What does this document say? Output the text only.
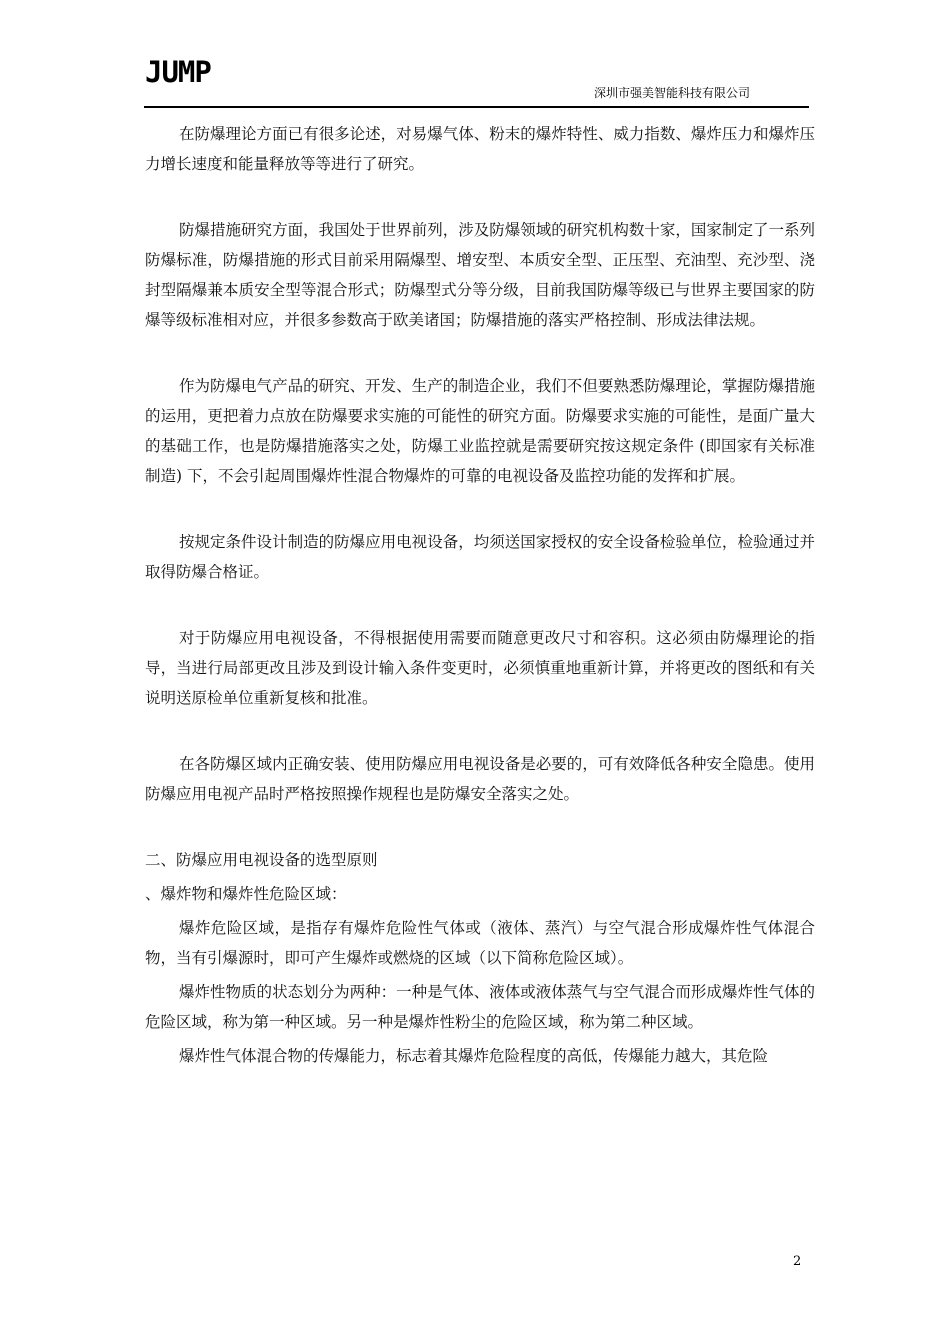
JUMP
深圳市强美智能科技有限公司

在防爆理论方面已有很多论述，对易爆气体、粉末的爆炸特性、威力指数、爆炸压力和爆炸压力增长速度和能量释放等等进行了研究。

防爆措施研究方面，我国处于世界前列，涉及防爆领域的研究机构数十家，国家制定了一系列防爆标准，防爆措施的形式目前采用隔爆型、增安型、本质安全型、正压型、充油型、充沙型、浇封型隔爆兼本质安全型等混合形式；防爆型式分等分级，目前我国防爆等级已与世界主要国家的防爆等级标准相对应，并很多参数高于欧美诸国；防爆措施的落实严格控制、形成法律法规。

作为防爆电气产品的研究、开发、生产的制造企业，我们不但要熟悉防爆理论，掌握防爆措施的运用，更把着力点放在防爆要求实施的可能性的研究方面。防爆要求实施的可能性，是面广量大的基础工作，也是防爆措施落实之处，防爆工业监控就是需要研究按这规定条件 (即国家有关标准制造) 下，不会引起周围爆炸性混合物爆炸的可靠的电视设备及监控功能的发挥和扩展。

按规定条件设计制造的防爆应用电视设备，均须送国家授权的安全设备检验单位，检验通过并取得防爆合格证。

对于防爆应用电视设备，不得根据使用需要而随意更改尺寸和容积。这必须由防爆理论的指导，当进行局部更改且涉及到设计输入条件变更时，必须慎重地重新计算，并将更改的图纸和有关说明送原检单位重新复核和批准。

在各防爆区域内正确安装、使用防爆应用电视设备是必要的，可有效降低各种安全隐患。使用防爆应用电视产品时严格按照操作规程也是防爆安全落实之处。

二、防爆应用电视设备的选型原则

、爆炸物和爆炸性危险区域：

爆炸危险区域，是指存有爆炸危险性气体或（液体、蒸汽）与空气混合形成爆炸性气体混合物，当有引爆源时，即可产生爆炸或燃烧的区域（以下简称危险区域）。

爆炸性物质的状态划分为两种：一种是气体、液体或液体蒸气与空气混合而形成爆炸性气体的危险区域，称为第一种区域。另一种是爆炸性粉尘的危险区域，称为第二种区域。

爆炸性气体混合物的传爆能力，标志着其爆炸危险程度的高低，传爆能力越大，其危险

2
